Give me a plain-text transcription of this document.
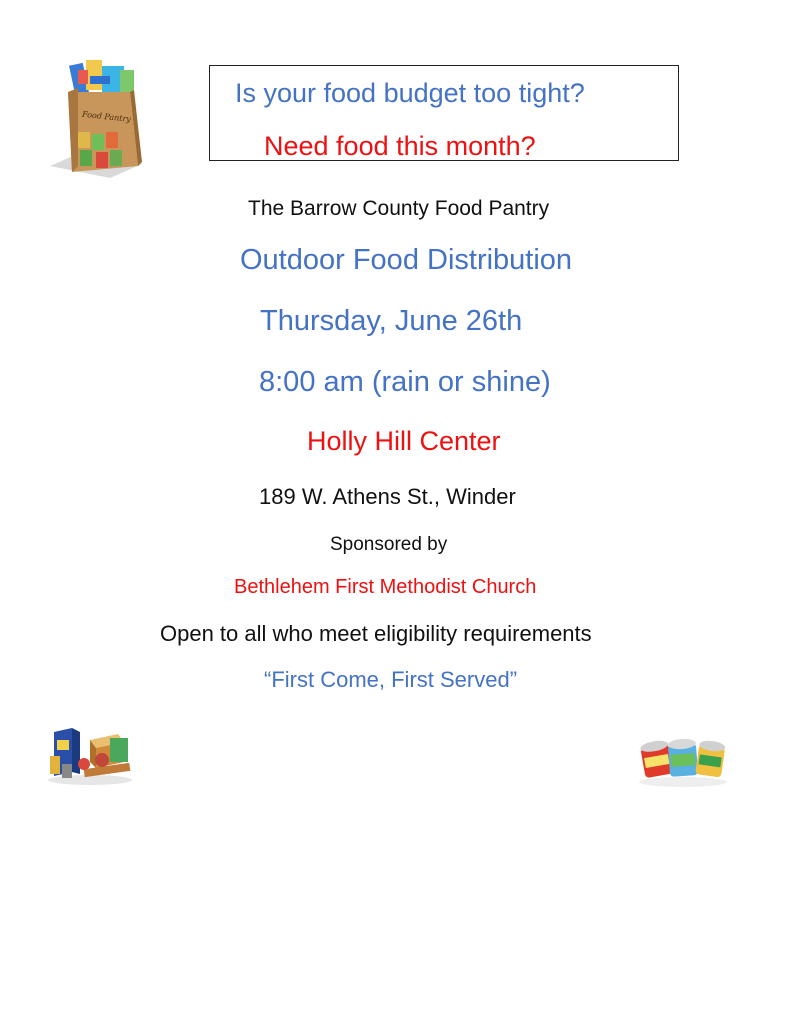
Food Pantry
Is your food budget too tight?
Need food this month?
The Barrow County Food Pantry
Outdoor Food Distribution
Thursday, June 26th
8:00 am (rain or shine)
Holly Hill Center
189 W. Athens St., Winder
Sponsored by
Bethlehem First Methodist Church
Open to all who meet eligibility requirements
“First Come, First Served”
